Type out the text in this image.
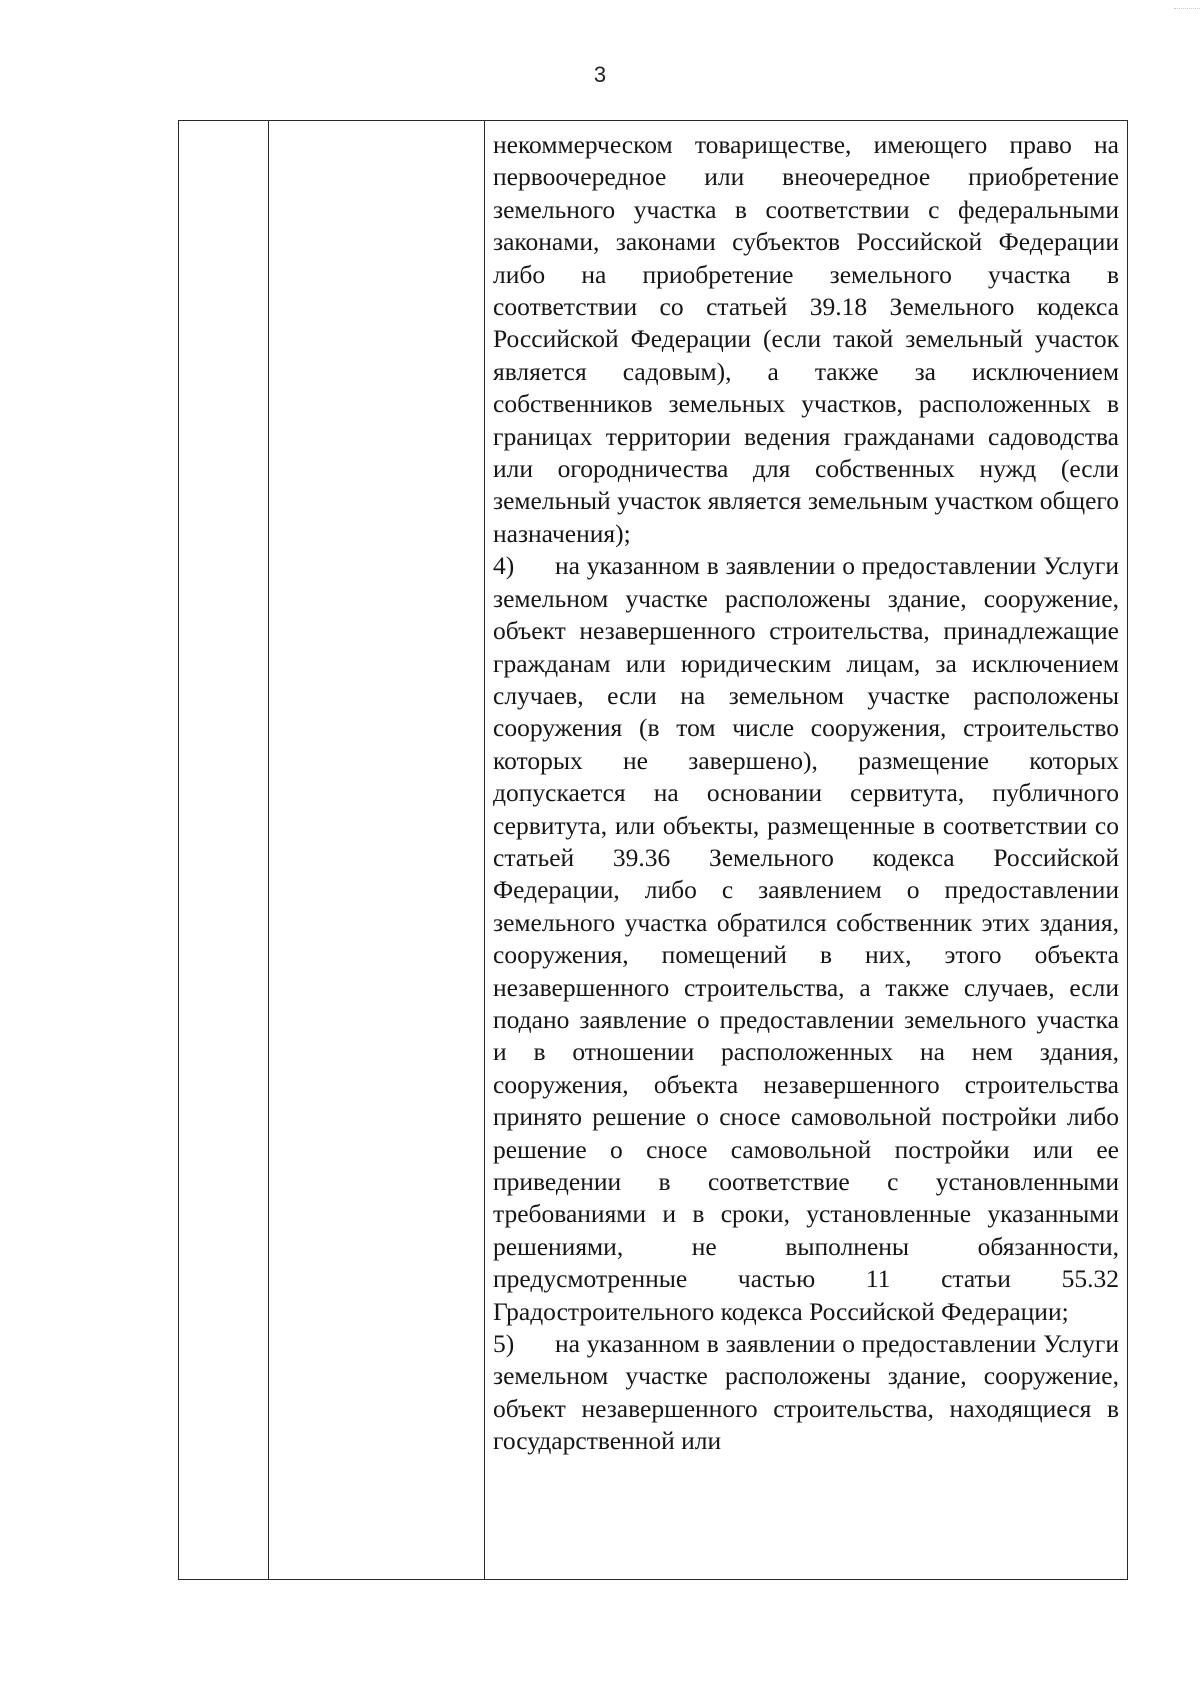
3

некоммерческом товариществе, имеющего право на первоочередное или внеочередное приобретение земельного участка в соответствии с федеральными законами, законами субъектов Российской Федерации либо на приобретение земельного участка в соответствии со статьей 39.18 Земельного кодекса Российской Федерации (если такой земельный участок является садовым), а также за исключением собственников земельных участков, расположенных в границах территории ведения гражданами садоводства или огородничества для собственных нужд (если земельный участок является земельным участком общего назначения);

4) на указанном в заявлении о предоставлении Услуги земельном участке расположены здание, сооружение, объект незавершенного строительства, принадлежащие гражданам или юридическим лицам, за исключением случаев, если на земельном участке расположены сооружения (в том числе сооружения, строительство которых не завершено), размещение которых допускается на основании сервитута, публичного сервитута, или объекты, размещенные в соответствии со статьей 39.36 Земельного кодекса Российской Федерации, либо с заявлением о предоставлении земельного участка обратился собственник этих здания, сооружения, помещений в них, этого объекта незавершенного строительства, а также случаев, если подано заявление о предоставлении земельного участка и в отношении расположенных на нем здания, сооружения, объекта незавершенного строительства принято решение о сносе самовольной постройки либо решение о сносе самовольной постройки или ее приведении в соответствие с установленными требованиями и в сроки, установленные указанными решениями, не выполнены обязанности, предусмотренные частью 11 статьи 55.32 Градостроительного кодекса Российской Федерации;

5) на указанном в заявлении о предоставлении Услуги земельном участке расположены здание, сооружение, объект незавершенного строительства, находящиеся в государственной или
